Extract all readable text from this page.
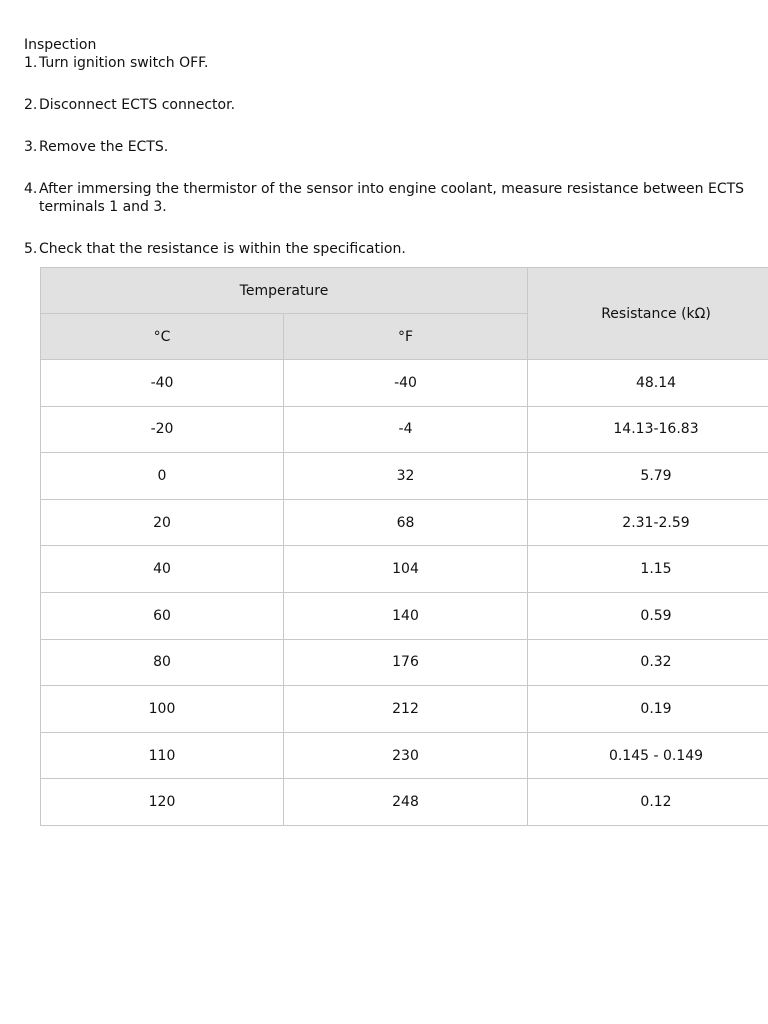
Inspection

1. Turn ignition switch OFF.
2. Disconnect ECTS connector.
3. Remove the ECTS.
4. After immersing the thermistor of the sensor into engine coolant, measure resistance between ECTS terminals 1 and 3.
5. Check that the resistance is within the specification.
Temperature		Resistance (kΩ)
°C	°F	
-40	-40	48.14
-20	-4	14.13-16.83
0	32	5.79
20	68	2.31-2.59
40	104	1.15
60	140	0.59
80	176	0.32
100	212	0.19
110	230	0.145 - 0.149
120	248	0.12
